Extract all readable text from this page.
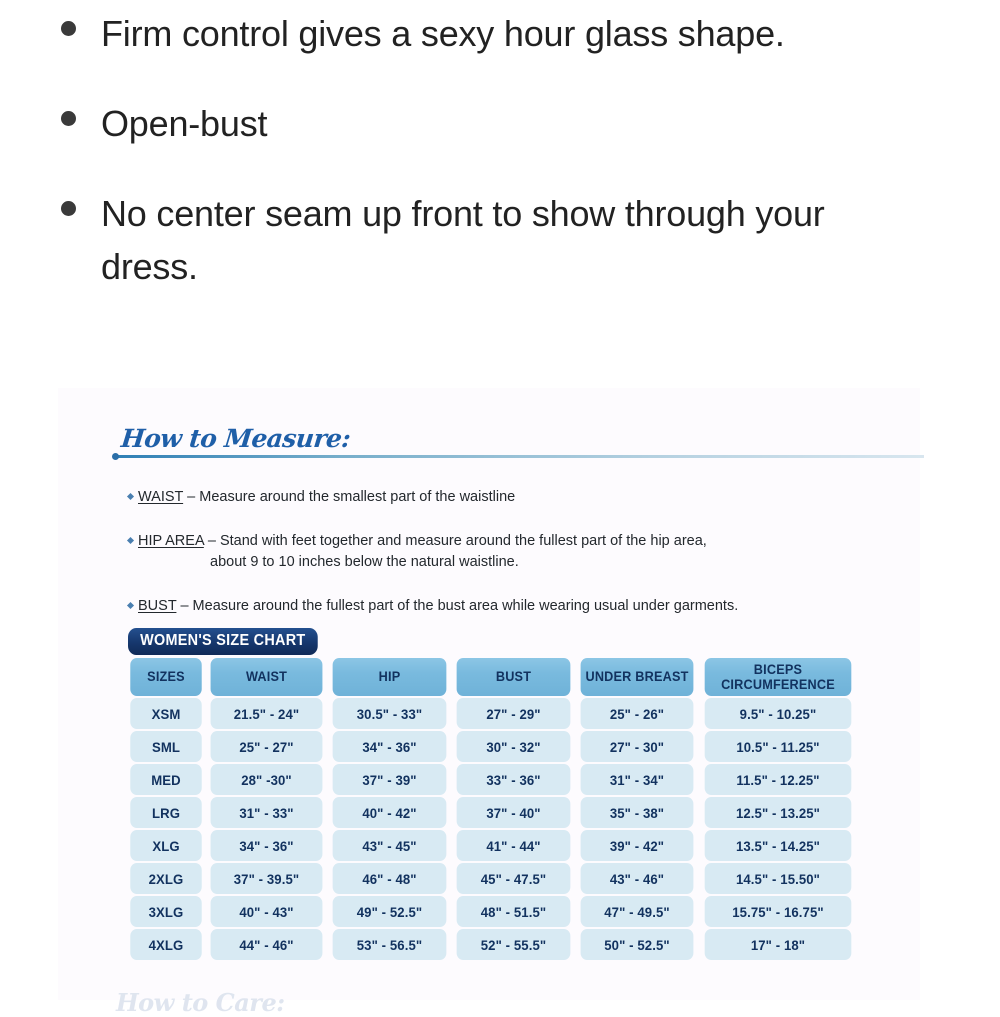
Firm control gives a sexy hour glass shape.
Open-bust
No center seam up front to show through your dress.
How to Measure:
WAIST – Measure around the smallest part of the waistline
HIP AREA – Stand with feet together and measure around the fullest part of the hip area,
about 9 to 10 inches below the natural waistline.
BUST – Measure around the fullest part of the bust area while wearing usual under garments.
WOMEN'S SIZE CHART
SIZES	WAIST	HIP	BUST	UNDER BREAST	BICEPS
CIRCUMFERENCE
XSM	21.5" - 24"	30.5" - 33"	27" - 29"	25" - 26"	9.5" - 10.25"
SML	25" - 27"	34" - 36"	30" - 32"	27" - 30"	10.5" - 11.25"
MED	28" -30"	37" - 39"	33" - 36"	31" - 34"	11.5" - 12.25"
LRG	31" - 33"	40" - 42"	37" - 40"	35" - 38"	12.5" - 13.25"
XLG	34" - 36"	43" - 45"	41" - 44"	39" - 42"	13.5" - 14.25"
2XLG	37" - 39.5"	46" - 48"	45" - 47.5"	43" - 46"	14.5" - 15.50"
3XLG	40" - 43"	49" - 52.5"	48" - 51.5"	47" - 49.5"	15.75" - 16.75"
4XLG	44" - 46"	53" - 56.5"	52" - 55.5"	50" - 52.5"	17" - 18"
How to Care:
